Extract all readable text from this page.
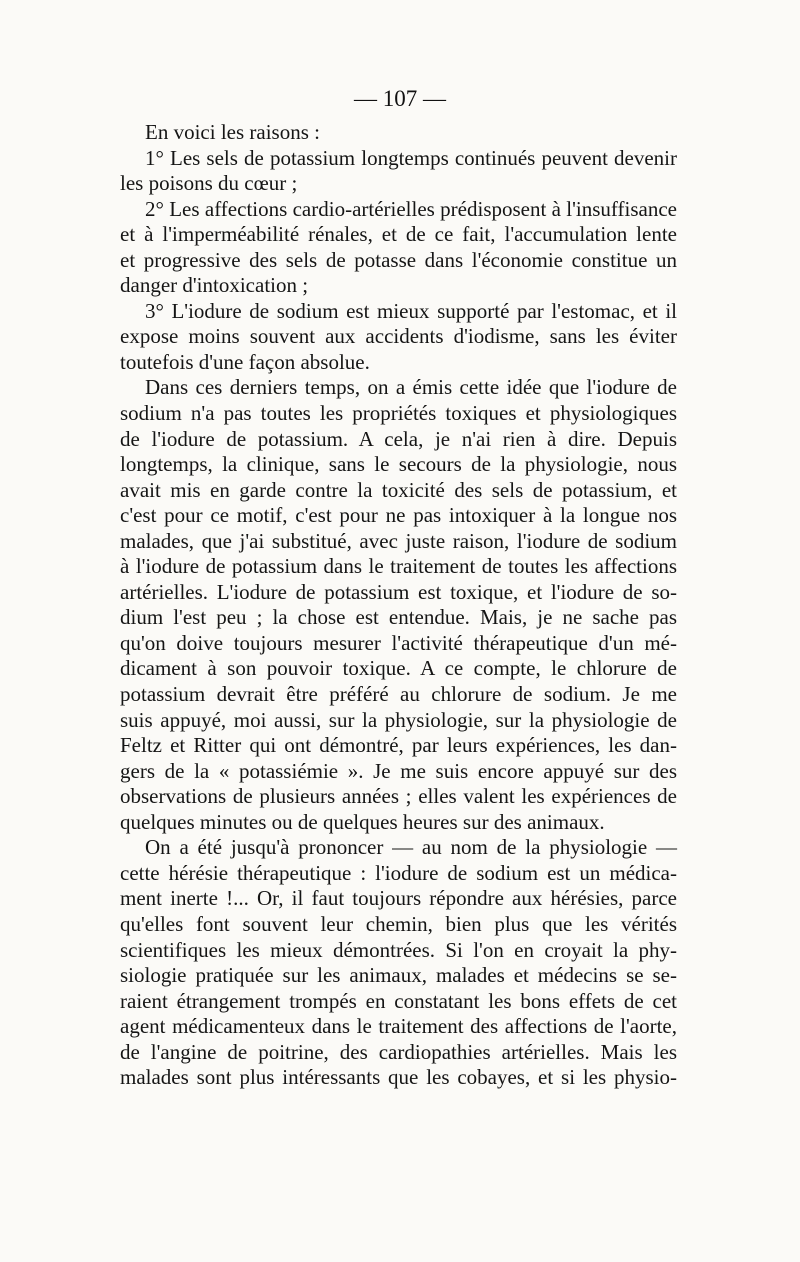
— 107 —
En voici les raisons :
1° Les sels de potassium longtemps continués peuvent devenir
les poisons du cœur ;
2° Les affections cardio-artérielles prédisposent à l'insuffisance
et à l'imperméabilité rénales, et de ce fait, l'accumulation lente
et progressive des sels de potasse dans l'économie constitue un
danger d'intoxication ;
3° L'iodure de sodium est mieux supporté par l'estomac, et il
expose moins souvent aux accidents d'iodisme, sans les éviter
toutefois d'une façon absolue.
Dans ces derniers temps, on a émis cette idée que l'iodure de
sodium n'a pas toutes les propriétés toxiques et physiologiques
de l'iodure de potassium. A cela, je n'ai rien à dire. Depuis
longtemps, la clinique, sans le secours de la physiologie, nous
avait mis en garde contre la toxicité des sels de potassium, et
c'est pour ce motif, c'est pour ne pas intoxiquer à la longue nos
malades, que j'ai substitué, avec juste raison, l'iodure de sodium
à l'iodure de potassium dans le traitement de toutes les affections
artérielles. L'iodure de potassium est toxique, et l'iodure de so-
dium l'est peu ; la chose est entendue. Mais, je ne sache pas
qu'on doive toujours mesurer l'activité thérapeutique d'un mé-
dicament à son pouvoir toxique. A ce compte, le chlorure de
potassium devrait être préféré au chlorure de sodium. Je me
suis appuyé, moi aussi, sur la physiologie, sur la physiologie de
Feltz et Ritter qui ont démontré, par leurs expériences, les dan-
gers de la « potassiémie ». Je me suis encore appuyé sur des
observations de plusieurs années ; elles valent les expériences de
quelques minutes ou de quelques heures sur des animaux.
On a été jusqu'à prononcer — au nom de la physiologie —
cette hérésie thérapeutique : l'iodure de sodium est un médica-
ment inerte !... Or, il faut toujours répondre aux hérésies, parce
qu'elles font souvent leur chemin, bien plus que les vérités
scientifiques les mieux démontrées. Si l'on en croyait la phy-
siologie pratiquée sur les animaux, malades et médecins se se-
raient étrangement trompés en constatant les bons effets de cet
agent médicamenteux dans le traitement des affections de l'aorte,
de l'angine de poitrine, des cardiopathies artérielles. Mais les
malades sont plus intéressants que les cobayes, et si les physio-
